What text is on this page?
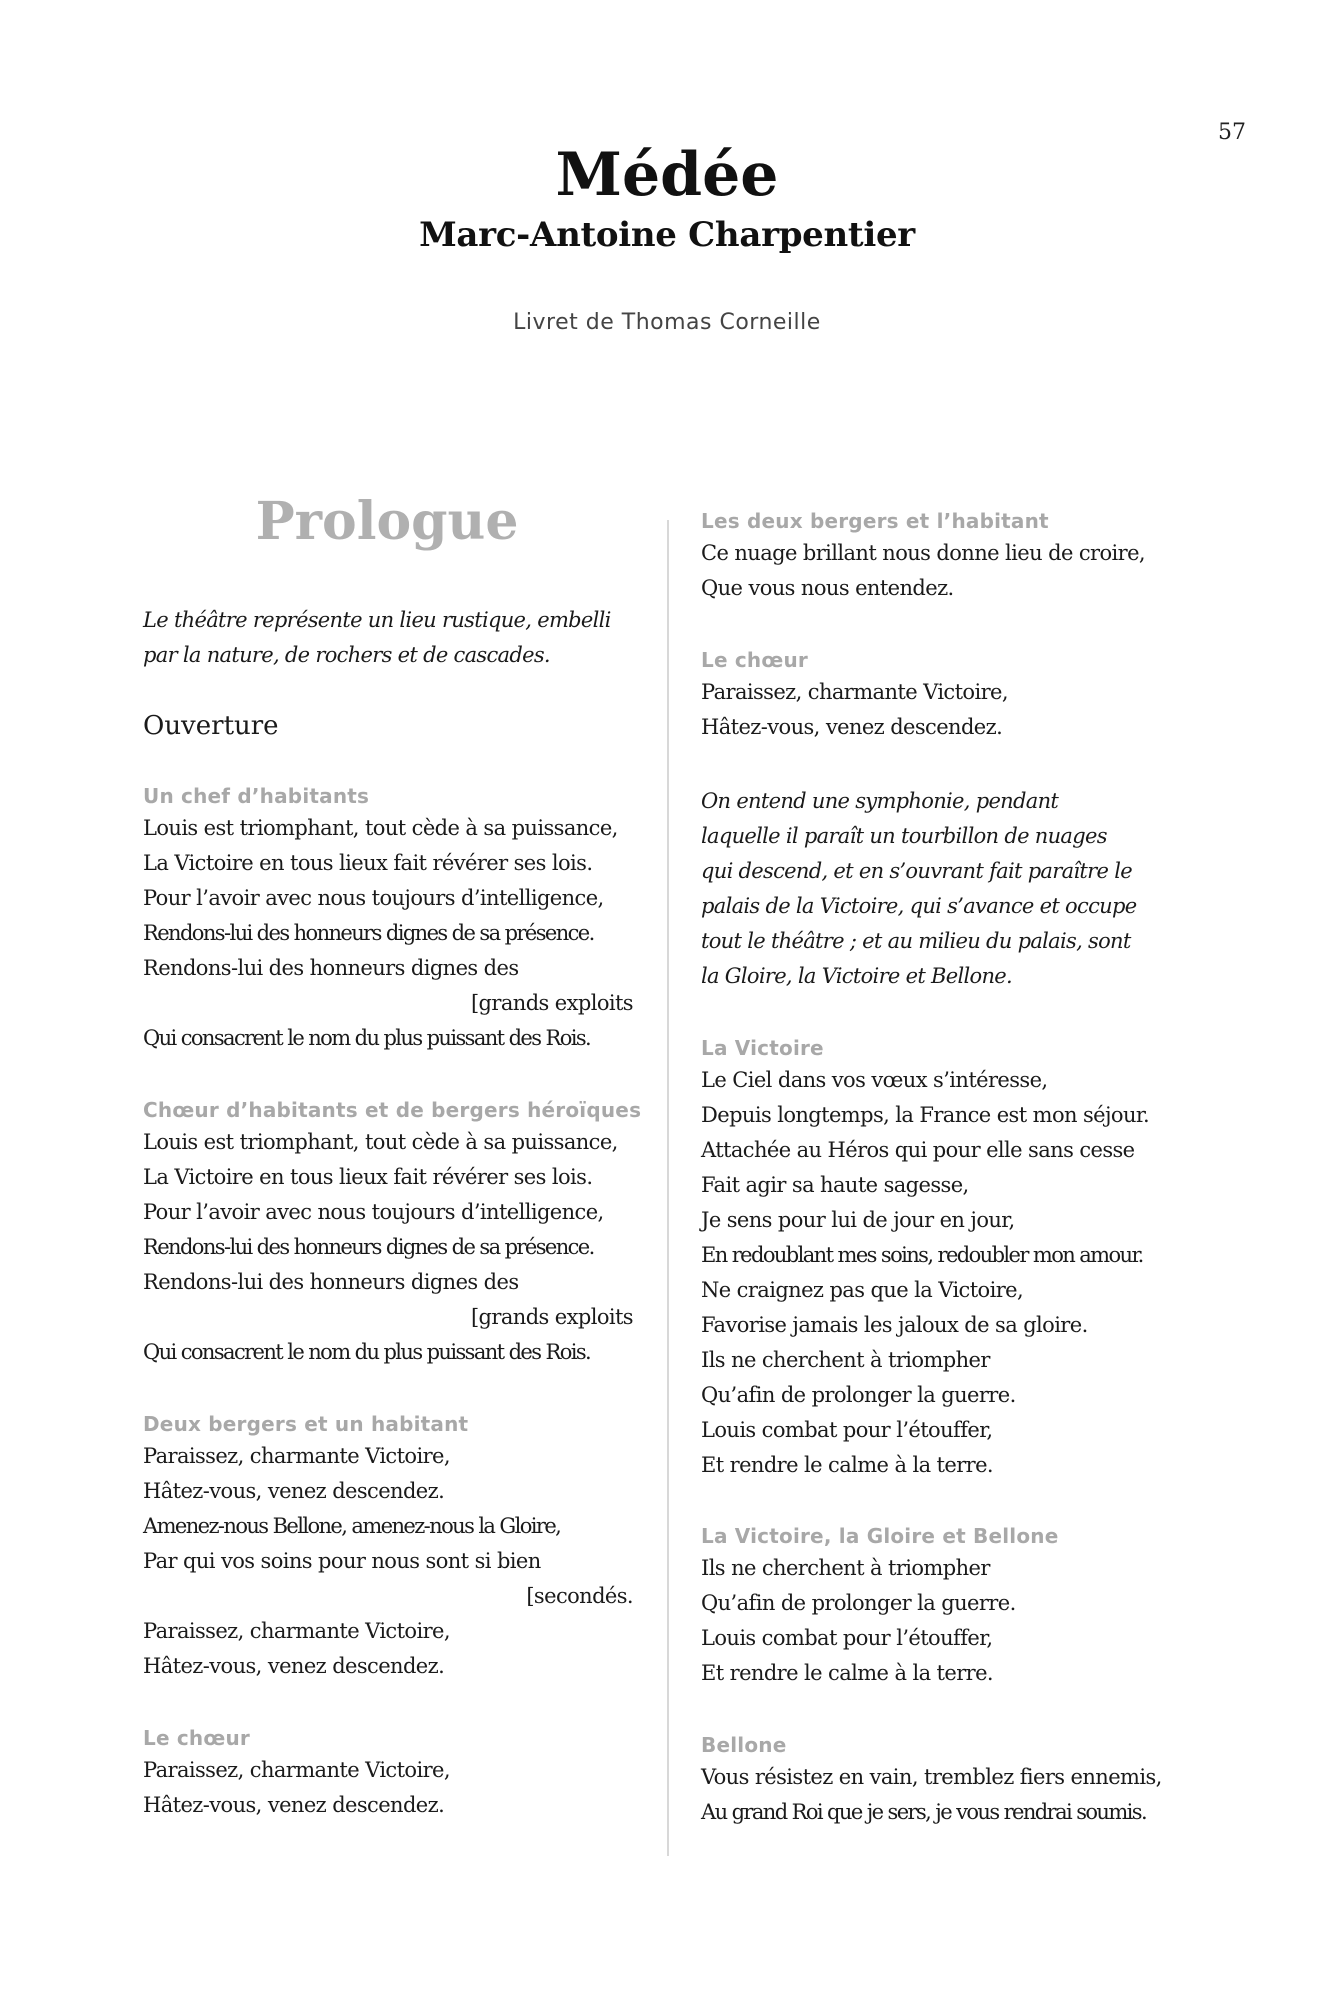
57
Médée
Marc-Antoine Charpentier
Livret de Thomas Corneille
Prologue
Le théâtre représente un lieu rustique, embelli
par la nature, de rochers et de cascades.
Ouverture
Un chef d’habitants
Louis est triomphant, tout cède à sa puissance,
La Victoire en tous lieux fait révérer ses lois.
Pour l’avoir avec nous toujours d’intelligence,
Rendons-lui des honneurs dignes de sa présence.
Rendons-lui des honneurs dignes des
[grands exploits
Qui consacrent le nom du plus puissant des Rois.
Chœur d’habitants et de bergers héroïques
Louis est triomphant, tout cède à sa puissance,
La Victoire en tous lieux fait révérer ses lois.
Pour l’avoir avec nous toujours d’intelligence,
Rendons-lui des honneurs dignes de sa présence.
Rendons-lui des honneurs dignes des
[grands exploits
Qui consacrent le nom du plus puissant des Rois.
Deux bergers et un habitant
Paraissez, charmante Victoire,
Hâtez-vous, venez descendez.
Amenez-nous Bellone, amenez-nous la Gloire,
Par qui vos soins pour nous sont si bien
[secondés.
Paraissez, charmante Victoire,
Hâtez-vous, venez descendez.
Le chœur
Paraissez, charmante Victoire,
Hâtez-vous, venez descendez.
Les deux bergers et l’habitant
Ce nuage brillant nous donne lieu de croire,
Que vous nous entendez.
Le chœur
Paraissez, charmante Victoire,
Hâtez-vous, venez descendez.
On entend une symphonie, pendant
laquelle il paraît un tourbillon de nuages
qui descend, et en s’ouvrant fait paraître le
palais de la Victoire, qui s’avance et occupe
tout le théâtre ; et au milieu du palais, sont
la Gloire, la Victoire et Bellone.
La Victoire
Le Ciel dans vos vœux s’intéresse,
Depuis longtemps, la France est mon séjour.
Attachée au Héros qui pour elle sans cesse
Fait agir sa haute sagesse,
Je sens pour lui de jour en jour,
En redoublant mes soins, redoubler mon amour.
Ne craignez pas que la Victoire,
Favorise jamais les jaloux de sa gloire.
Ils ne cherchent à triompher
Qu’afin de prolonger la guerre.
Louis combat pour l’étouffer,
Et rendre le calme à la terre.
La Victoire, la Gloire et Bellone
Ils ne cherchent à triompher
Qu’afin de prolonger la guerre.
Louis combat pour l’étouffer,
Et rendre le calme à la terre.
Bellone
Vous résistez en vain, tremblez fiers ennemis,
Au grand Roi que je sers, je vous rendrai soumis.
